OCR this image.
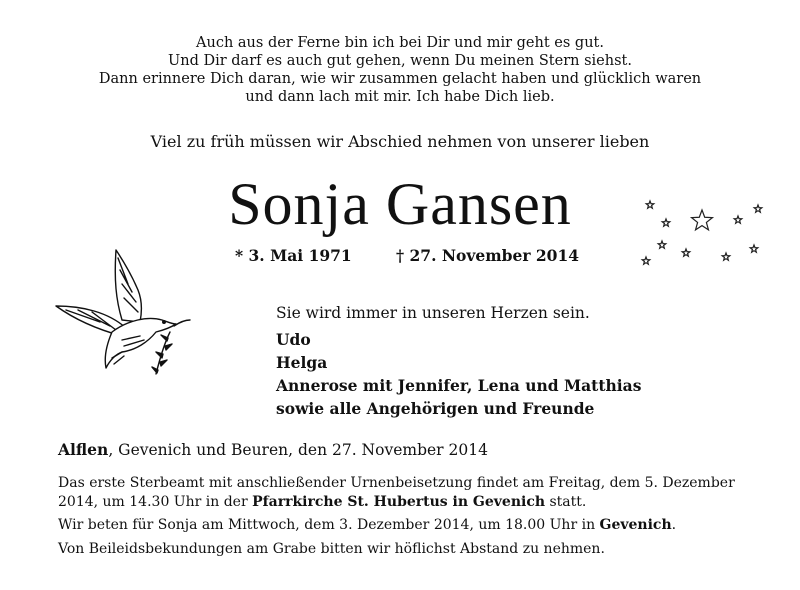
Auch aus der Ferne bin ich bei Dir und mir geht es gut.
Und Dir darf es auch gut gehen, wenn Du meinen Stern siehst.
Dann erinnere Dich daran, wie wir zusammen gelacht haben und glücklich waren
und dann lach mit mir. Ich habe Dich lieb.
Viel zu früh müssen wir Abschied nehmen von unserer lieben
Sonja Gansen
* 3. Mai 1971	† 27. November 2014
Sie wird immer in unseren Herzen sein.
Udo
Helga
Annerose mit Jennifer, Lena und Matthias
sowie alle Angehörigen und Freunde
Alflen, Gevenich und Beuren, den 27. November 2014
Das erste Sterbeamt mit anschließender Urnenbeisetzung findet am Freitag, dem 5. Dezember
2014, um 14.30 Uhr in der Pfarrkirche St. Hubertus in Gevenich statt.
Wir beten für Sonja am Mittwoch, dem 3. Dezember 2014, um 18.00 Uhr in Gevenich.
Von Beileidsbekundungen am Grabe bitten wir höflichst Abstand zu nehmen.
